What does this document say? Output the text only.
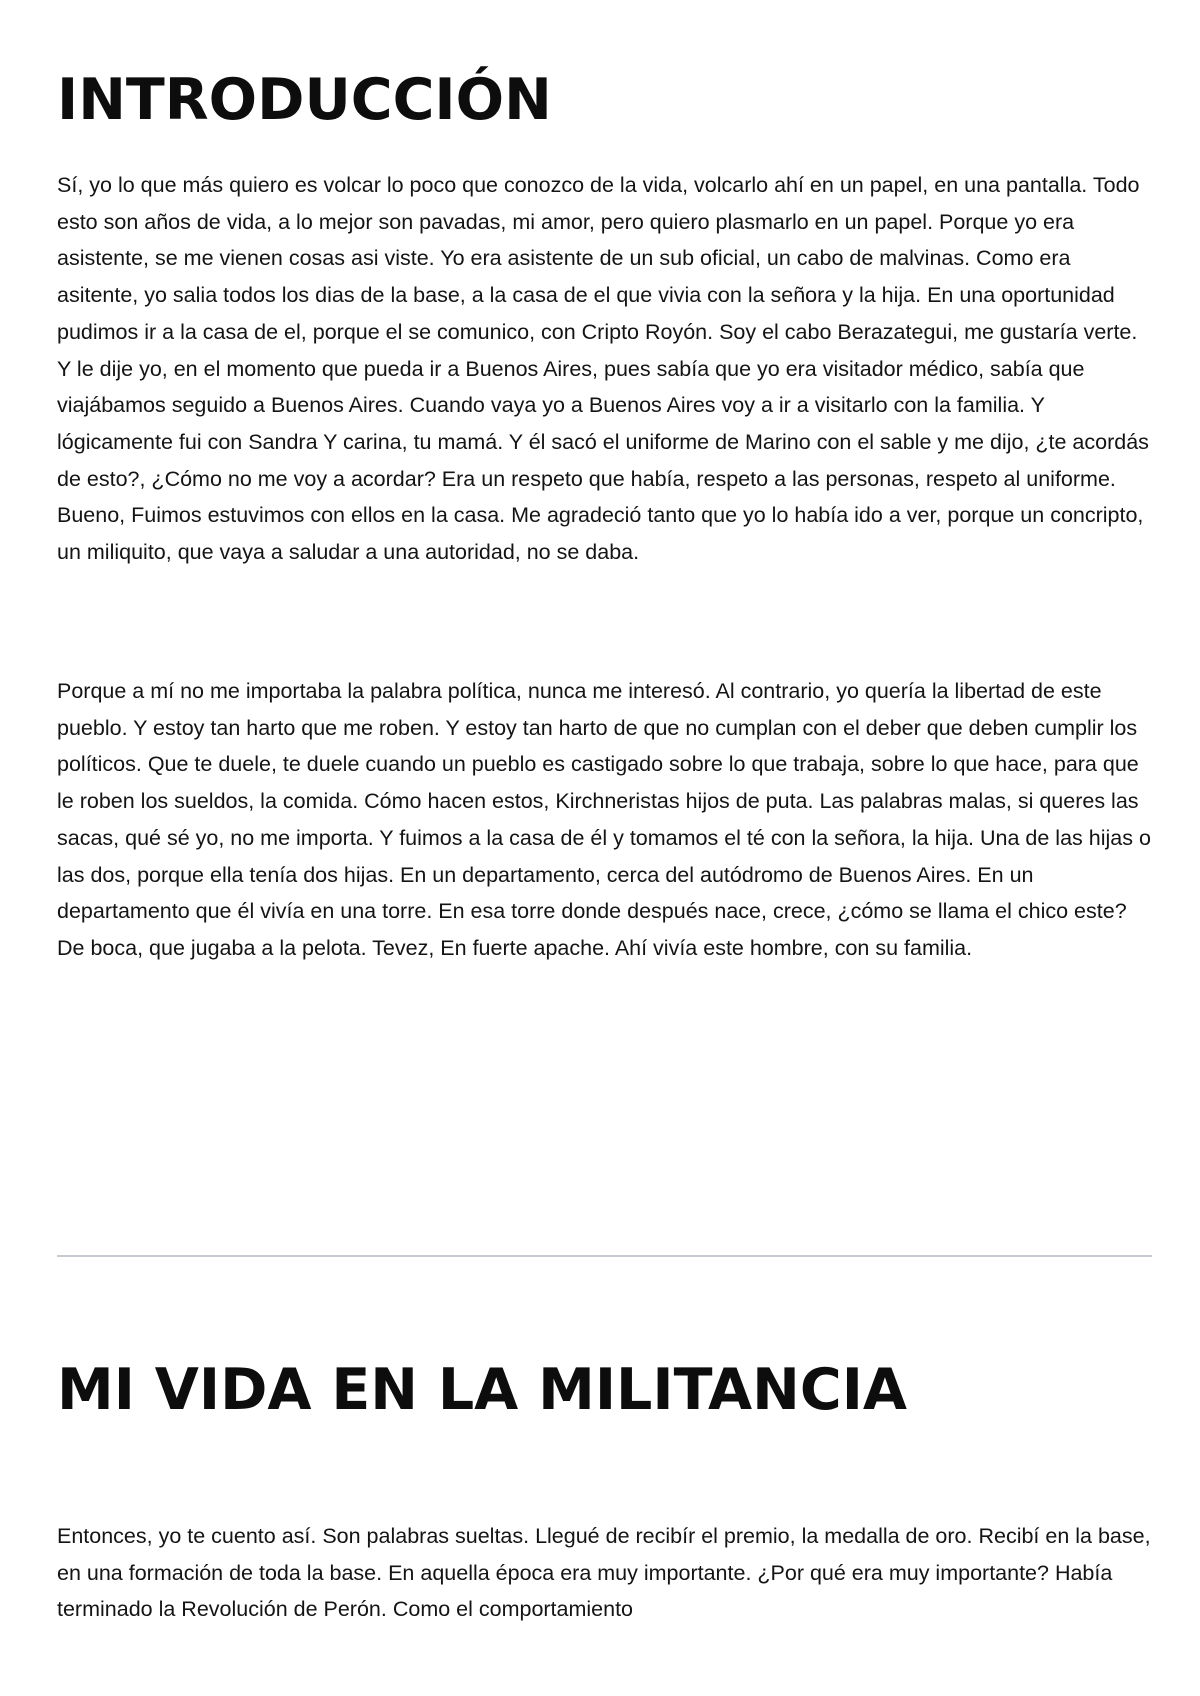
INTRODUCCIÓN

Sí, yo lo que más quiero es volcar lo poco que conozco de la vida, volcarlo ahí en un papel, en una pantalla. Todo esto son años de vida, a lo mejor son pavadas, mi amor, pero quiero plasmarlo en un papel. Porque yo era asistente, se me vienen cosas asi viste. Yo era asistente de un sub oficial, un cabo de malvinas. Como era asitente, yo salia todos los dias de la base, a la casa de el que vivia con la señora y la hija. En una oportunidad pudimos ir a la casa de el, porque el se comunico, con Cripto Royón. Soy el cabo Berazategui, me gustaría verte. Y le dije yo, en el momento que pueda ir a Buenos Aires, pues sabía que yo era visitador médico, sabía que viajábamos seguido a Buenos Aires. Cuando vaya yo a Buenos Aires voy a ir a visitarlo con la familia. Y lógicamente fui con Sandra Y carina, tu mamá. Y él sacó el uniforme de Marino con el sable y me dijo, ¿te acordás de esto?, ¿Cómo no me voy a acordar? Era un respeto que había, respeto a las personas, respeto al uniforme. Bueno, Fuimos estuvimos con ellos en la casa. Me agradeció tanto que yo lo había ido a ver, porque un concripto, un miliquito, que vaya a saludar a una autoridad, no se daba.

Porque a mí no me importaba la palabra política, nunca me interesó. Al contrario, yo quería la libertad de este pueblo. Y estoy tan harto que me roben. Y estoy tan harto de que no cumplan con el deber que deben cumplir los políticos. Que te duele, te duele cuando un pueblo es castigado sobre lo que trabaja, sobre lo que hace, para que le roben los sueldos, la comida. Cómo hacen estos, Kirchneristas hijos de puta. Las palabras malas, si queres las sacas, qué sé yo, no me importa. Y fuimos a la casa de él y tomamos el té con la señora, la hija. Una de las hijas o las dos, porque ella tenía dos hijas. En un departamento, cerca del autódromo de Buenos Aires. En un departamento que él vivía en una torre. En esa torre donde después nace, crece, ¿cómo se llama el chico este? De boca, que jugaba a la pelota. Tevez, En fuerte apache. Ahí vivía este hombre, con su familia.

MI VIDA EN LA MILITANCIA

Entonces, yo te cuento así. Son palabras sueltas. Llegué de recibír el premio, la medalla de oro. Recibí en la base, en una formación de toda la base. En aquella época era muy importante. ¿Por qué era muy importante? Había terminado la Revolución de Perón. Como el comportamiento
